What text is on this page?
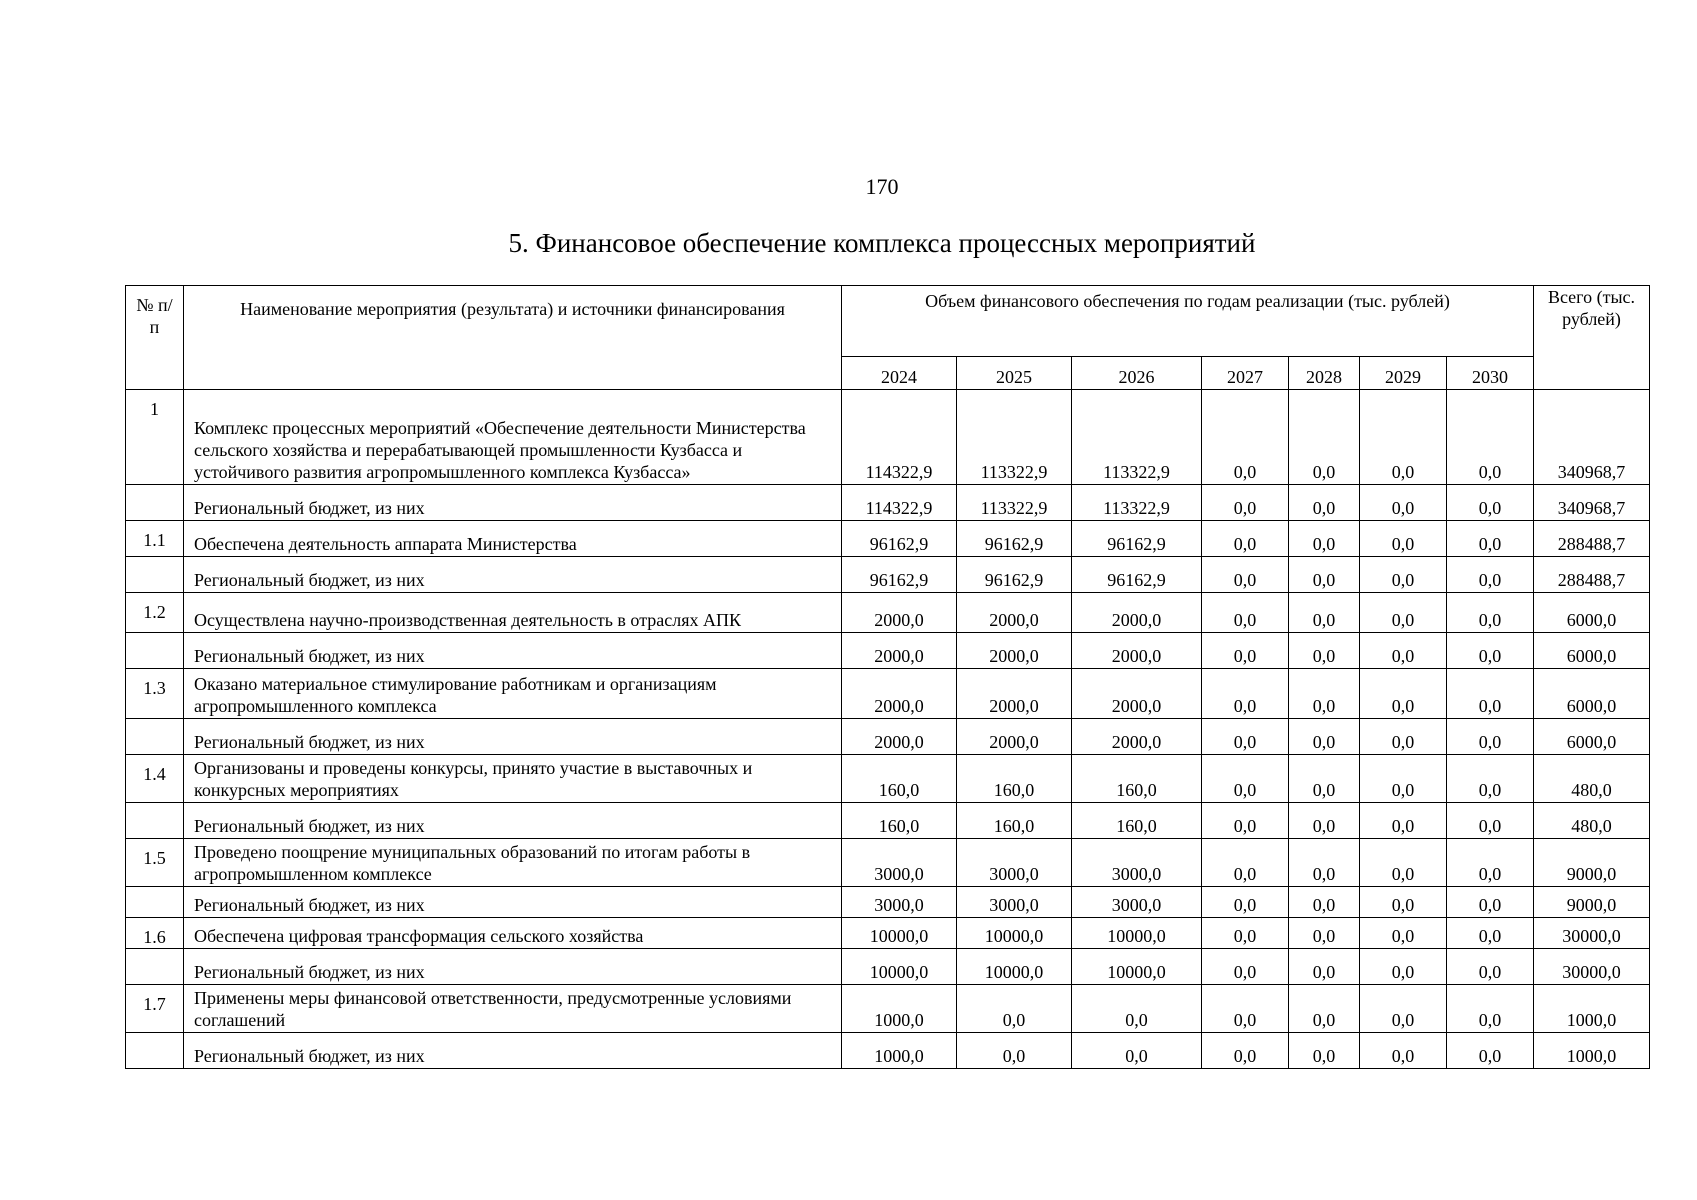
170
5. Финансовое обеспечение комплекса процессных мероприятий
№ п/п	Наименование мероприятия (результата) и источники финансирования	Объем финансового обеспечения по годам реализации (тыс. рублей)							Всего (тыс. рублей)
		2024	2025	2026	2027	2028	2029	2030	
1	Комплекс процессных мероприятий «Обеспечение деятельности Министерства сельского хозяйства и перерабатывающей промышленности Кузбасса и устойчивого развития агропромышленного комплекса Кузбасса»	114322,9	113322,9	113322,9	0,0	0,0	0,0	0,0	340968,7
	Региональный бюджет, из них	114322,9	113322,9	113322,9	0,0	0,0	0,0	0,0	340968,7
1.1	Обеспечена деятельность аппарата Министерства	96162,9	96162,9	96162,9	0,0	0,0	0,0	0,0	288488,7
	Региональный бюджет, из них	96162,9	96162,9	96162,9	0,0	0,0	0,0	0,0	288488,7
1.2	Осуществлена научно-производственная деятельность в отраслях АПК	2000,0	2000,0	2000,0	0,0	0,0	0,0	0,0	6000,0
	Региональный бюджет, из них	2000,0	2000,0	2000,0	0,0	0,0	0,0	0,0	6000,0
1.3	Оказано материальное стимулирование работникам и организациям агропромышленного комплекса	2000,0	2000,0	2000,0	0,0	0,0	0,0	0,0	6000,0
	Региональный бюджет, из них	2000,0	2000,0	2000,0	0,0	0,0	0,0	0,0	6000,0
1.4	Организованы и проведены конкурсы, принято участие в выставочных и конкурсных мероприятиях	160,0	160,0	160,0	0,0	0,0	0,0	0,0	480,0
	Региональный бюджет, из них	160,0	160,0	160,0	0,0	0,0	0,0	0,0	480,0
1.5	Проведено поощрение муниципальных образований по итогам работы в агропромышленном комплексе	3000,0	3000,0	3000,0	0,0	0,0	0,0	0,0	9000,0
	Региональный бюджет, из них	3000,0	3000,0	3000,0	0,0	0,0	0,0	0,0	9000,0
1.6	Обеспечена цифровая трансформация сельского хозяйства	10000,0	10000,0	10000,0	0,0	0,0	0,0	0,0	30000,0
	Региональный бюджет, из них	10000,0	10000,0	10000,0	0,0	0,0	0,0	0,0	30000,0
1.7	Применены меры финансовой ответственности, предусмотренные условиями соглашений	1000,0	0,0	0,0	0,0	0,0	0,0	0,0	1000,0
	Региональный бюджет, из них	1000,0	0,0	0,0	0,0	0,0	0,0	0,0	1000,0
